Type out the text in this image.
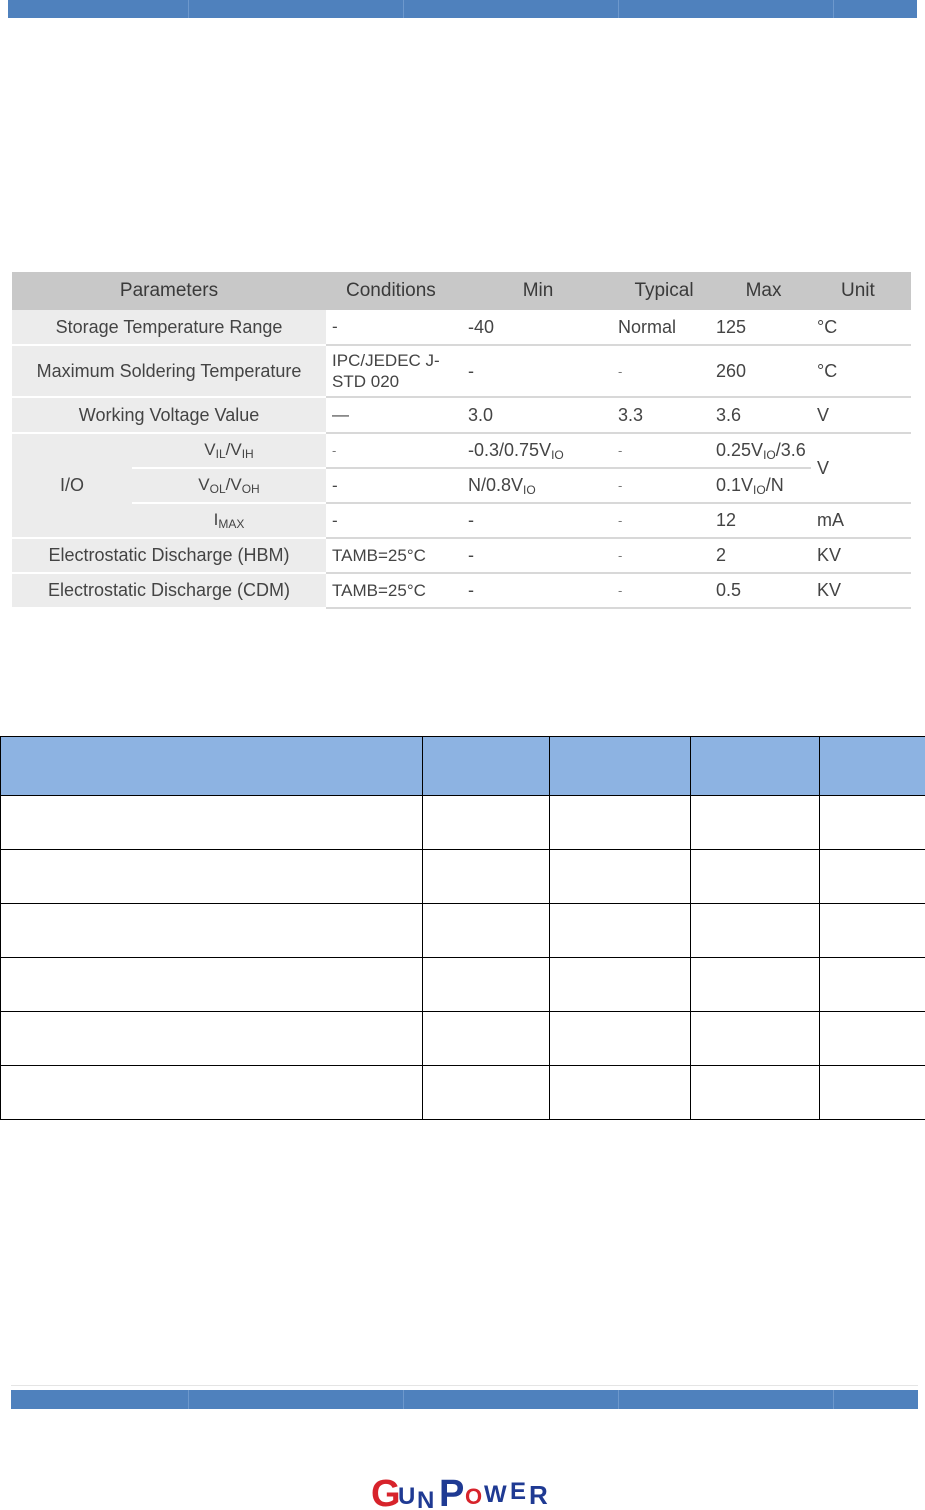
Parameters		Conditions	Min	Typical	Max	Unit
Storage Temperature Range		-	-40	Normal	125	°C
Maximum Soldering Temperature		IPC/JEDEC J-STD 020	-	-	260	°C
Working Voltage Value		—	3.0	3.3	3.6	V
I/O	$V_{IL}/V_{IH}$	-	$-0.3/0.75V_{IO}$	-	$0.25V_{IO}/3.6$	V
	$V_{OL}/V_{OH}$	-	$N/0.8V_{IO}$	-	$0.1V_{IO}/N$	
	$I_{MAX}$	-	-	-	12	mA
Electrostatic Discharge (HBM)		TAMB=25°C	-	-	2	KV
Electrostatic Discharge (CDM)		TAMB=25°C	-	-	0.5	KV

G
U N P O W E R
